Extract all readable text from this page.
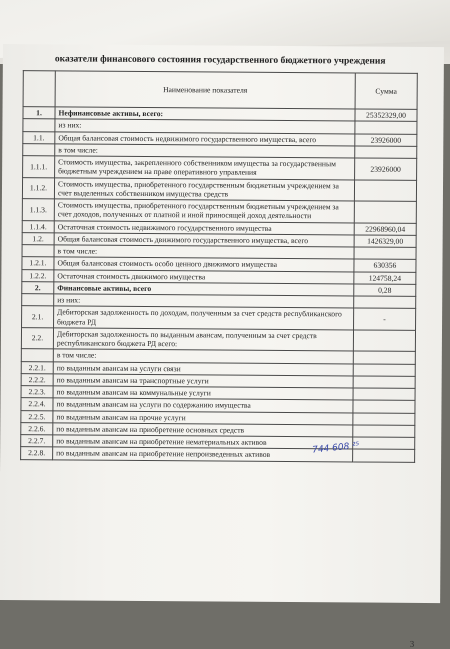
оказатели финансового состояния государственного бюджетного учреждения
	Наименование показателя	Сумма
1.	Нефинансовые активы, всего:	25352329,00
	из них:	
1.1.	Общая балансовая стоимость недвижимого государственного имущества, всего	23926000
	в том числе:	
1.1.1.	Стоимость имущества, закрепленного собственником имущества за государственным бюджетным учреждением на праве оперативного управления	23926000
1.1.2.	Стоимость имущества, приобретенного государственным бюджетным учреждением за счет выделенных собственником имущества средств	
1.1.3.	Стоимость имущества, приобретенного государственным бюджетным учреждением за счет доходов, полученных от платной и иной приносящей доход деятельности	
1.1.4.	Остаточная стоимость недвижимого государственного имущества	22968960,04
1.2.	Общая балансовая стоимость движимого государственного имущества, всего	1426329,00
	в том числе:	
1.2.1.	Общая балансовая стоимость особо ценного движимого имущества	630356
1.2.2.	Остаточная стоимость движимого имущества	124758,24
2.	Финансовые активы, всего	0,28
	из них:	
2.1.	Дебиторская задолженность по доходам, полученным за счет средств республиканского бюджета РД	-
2.2.	Дебиторская задолженность по выданным авансам, полученным за счет средств республиканского бюджета РД всего:	
	в том числе:	
2.2.1.	по выданным авансам на услуги связи	
2.2.2.	по выданным авансам на транспортные услуги	
2.2.3.	по выданным авансам на коммунальные услуги	
2.2.4.	по выданным авансам на услуги по содержанию имущества	
2.2.5.	по выданным авансам на прочие услуги	
2.2.6.	по выданным авансам на приобретение основных средств	
2.2.7.	по выданным авансам на приобретение нематериальных активов	
2.2.8.	по выданным авансам на приобретение непроизведенных активов		744 608 ²⁵
3
